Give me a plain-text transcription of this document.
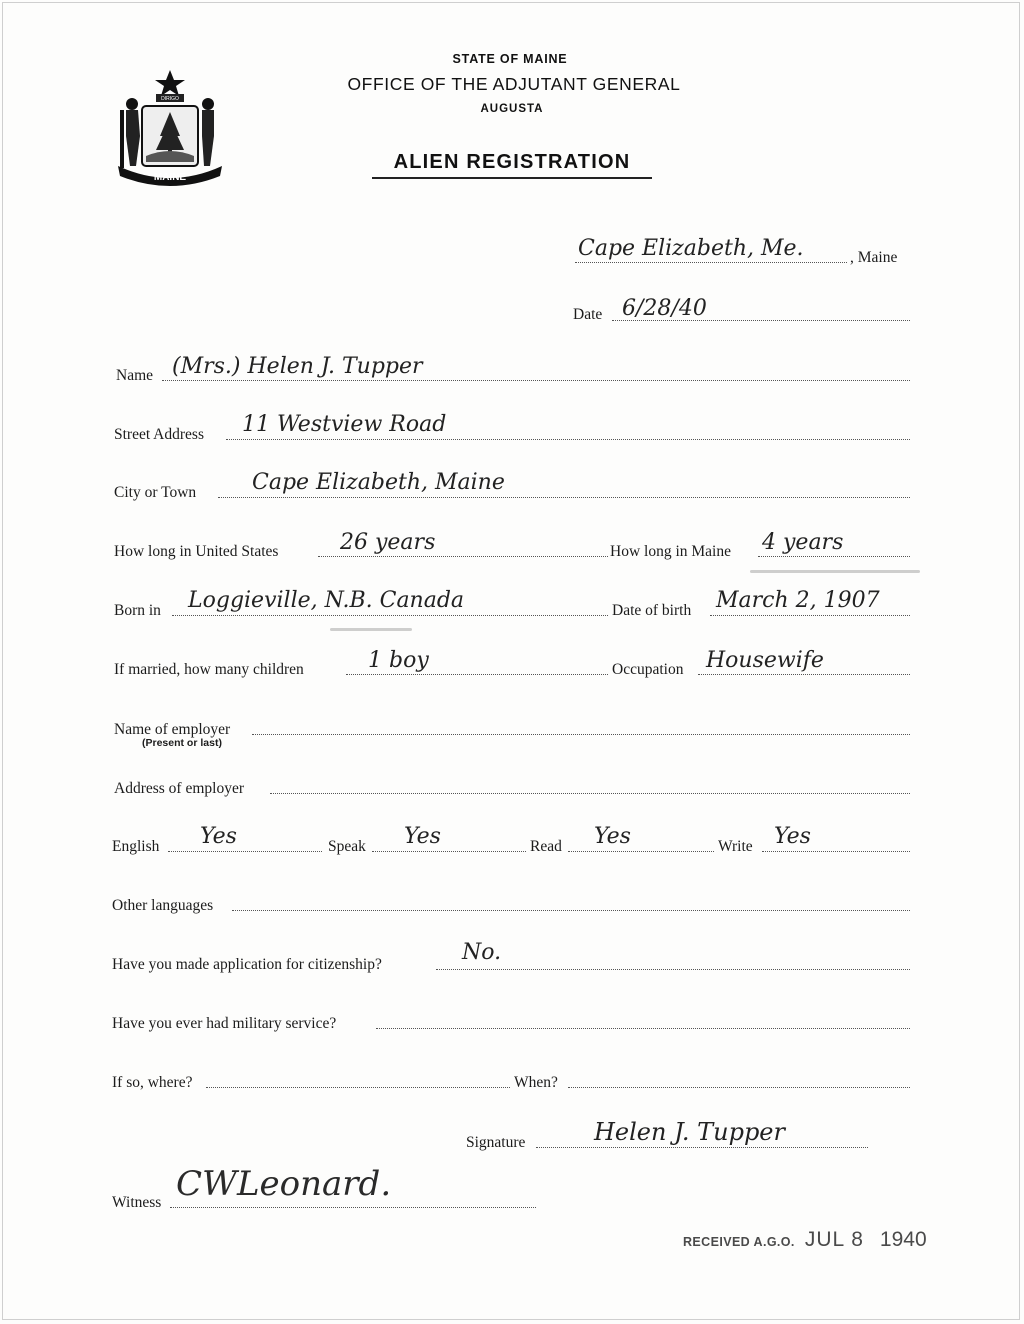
DIRIGO
MAINE
STATE OF MAINE
OFFICE OF THE ADJUTANT GENERAL
AUGUSTA
ALIEN REGISTRATION
Cape Elizabeth, Me.	, Maine
Date 6/28/40
Name (Mrs.) Helen J. Tupper
Street Address 11 Westview Road
City or Town	Cape Elizabeth, Maine
How long in United States	26 years	How long in Maine 4 years
Born in Loggieville, N.B. Canada	Date of birth March 2, 1907
If married, how many children	1 boy	Occupation Housewife
Name of employer
(Present or last)
Address of employer
English Yes	Speak Yes	Read Yes	Write Yes
Other languages
Have you made application for citizenship?	No.
Have you ever had military service?
If so, where?	When?
Signature	Helen J. Tupper
Witness CWLeonard.
RECEIVED A.G.O. JUL 8 1940
